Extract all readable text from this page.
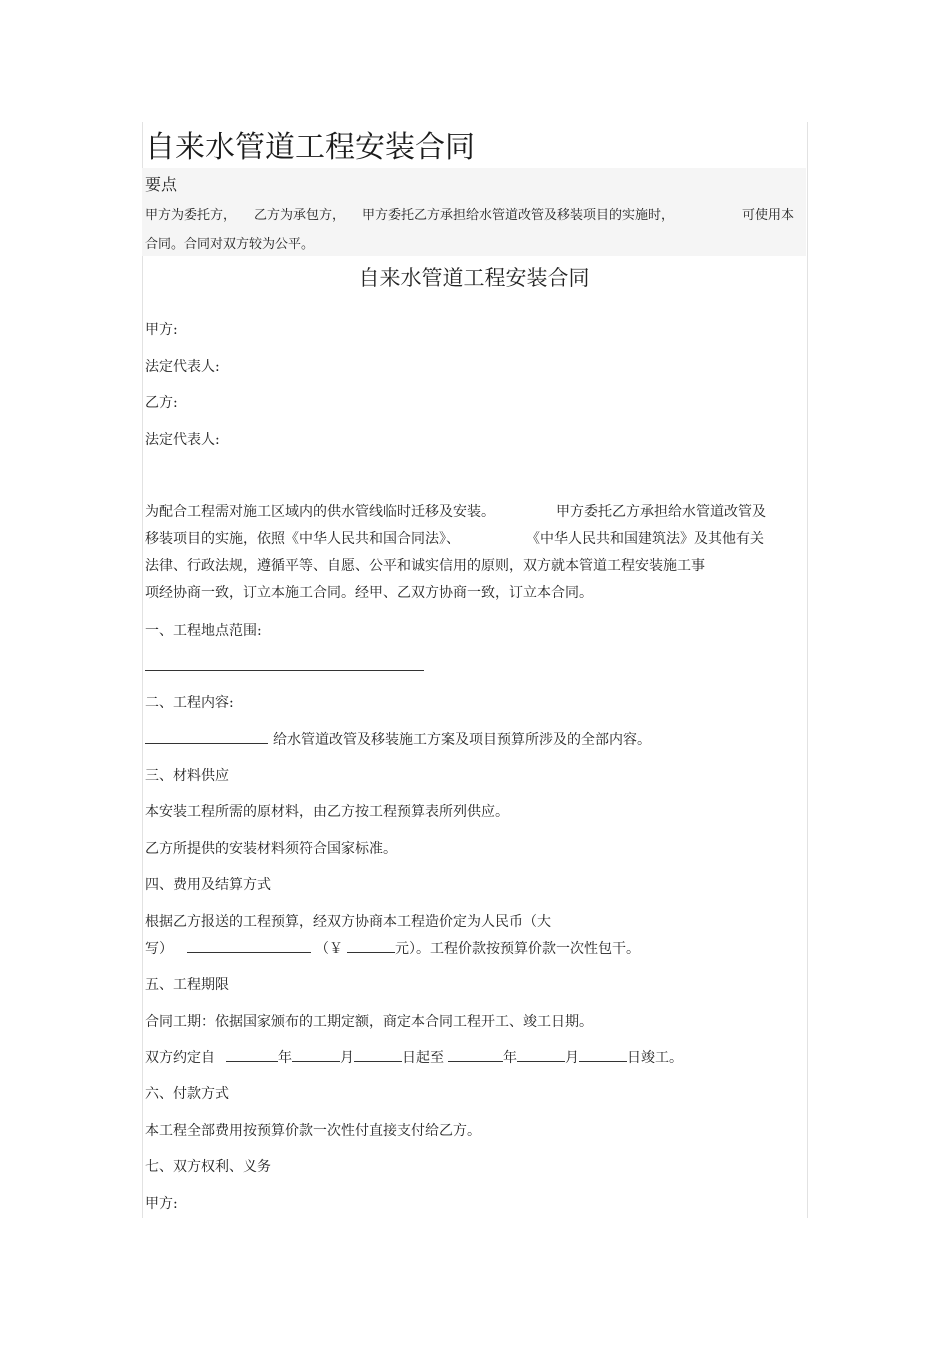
自来水管道工程安装合同
要点
甲方为委托方， 乙方为承包方， 甲方委托乙方承担给水管道改管及移装项目的实施时，	可使用本
合同。合同对双方较为公平。
自来水管道工程安装合同
甲方:
法定代表人:
乙方:
法定代表人:
为配合工程需对施工区域内的供水管线临时迁移及安装。	甲方委托乙方承担给水管道改管及
移装项目的实施，依照《中华人民共和国合同法》、	《中华人民共和国建筑法》及其他有关
法律、行政法规，遵循平等、自愿、公平和诚实信用的原则，双方就本管道工程安装施工事
项经协商一致，订立本施工合同。经甲、乙双方协商一致，订立本合同。
一、工程地点范围:
二、工程内容:
给水管道改管及移装施工方案及项目预算所涉及的全部内容。
三、材料供应
本安装工程所需的原材料，由乙方按工程预算表所列供应。
乙方所提供的安装材料须符合国家标准。
四、费用及结算方式
根据乙方报送的工程预算，经双方协商本工程造价定为人民币（大
写）	（￥	元）。工程价款按预算价款一次性包干。
五、工程期限
合同工期：依据国家颁布的工期定额，商定本合同工程开工、竣工日期。
双方约定自	年	月	日起至	年	月	日竣工。
六、付款方式
本工程全部费用按预算价款一次性付直接支付给乙方。
七、双方权利、义务
甲方:
